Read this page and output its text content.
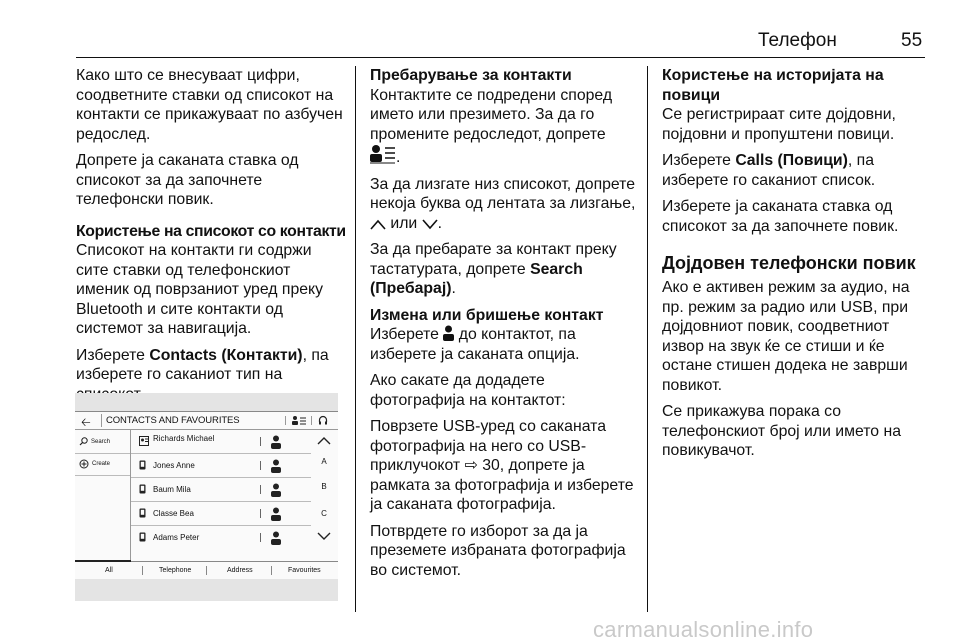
Телефон	55

Како што се внесуваат цифри, соодветните ставки од списокот на контакти се прикажуваат по азбучен редослед.

Допрете ја саканата ставка од списокот за да започнете телефонски повик.

Користење на списокот со контакти

Списокот на контакти ги содржи сите ставки од телефонскиот именик од поврзаниот уред преку Bluetooth и сите контакти од системот за навигација.

Изберете Contacts (Контакти), па изберете го саканиот тип на

🡠 CONTACTS AND FAVOURITES
Search
Create
Richards Michael
Jones Anne
Baum Mila
Classe Bea
Adams Peter
A
B
C
All	Telephone	Address	Favourites
Пребарување за контакти

Контактите се подредени според името или презимето. За да го промените редоследот, допрете

.

За да лизгате низ списокот, допрете некоја буква од лентата за лизгање,  или .

За да пребарате за контакт преку тастатурата, допрете Search (Пребарај).

Измена или бришење контакт

Изберете до контактот, па изберете ја саканата опција.

Ако сакате да додадете фотографија на контактот:

Поврзете USB-уред со саканата фотографија на него со USB-приклучокот ⇨ 30, допрете ја рамката за фотографија и изберете ја саканата фотографија.

Потврдете го изборот за да ја преземете избраната фотографија во системот.

Користење на историјата на повици

Се регистрираат сите дојдовни, појдовни и пропуштени повици.

Изберете Calls (Повици), па изберете го саканиот список.

Изберете ја саканата ставка од списокот за да започнете повик.

Дојдовен телефонски повик

Ако е активен режим за аудио, на пр. режим за радио или USB, при дојдовниот повик, соодветниот извор на звук ќе се стиши и ќе остане стишен додека не заврши повикот.

Се прикажува порака со телефонскиот број или името на повикувачот.

carmanualsonline.info
